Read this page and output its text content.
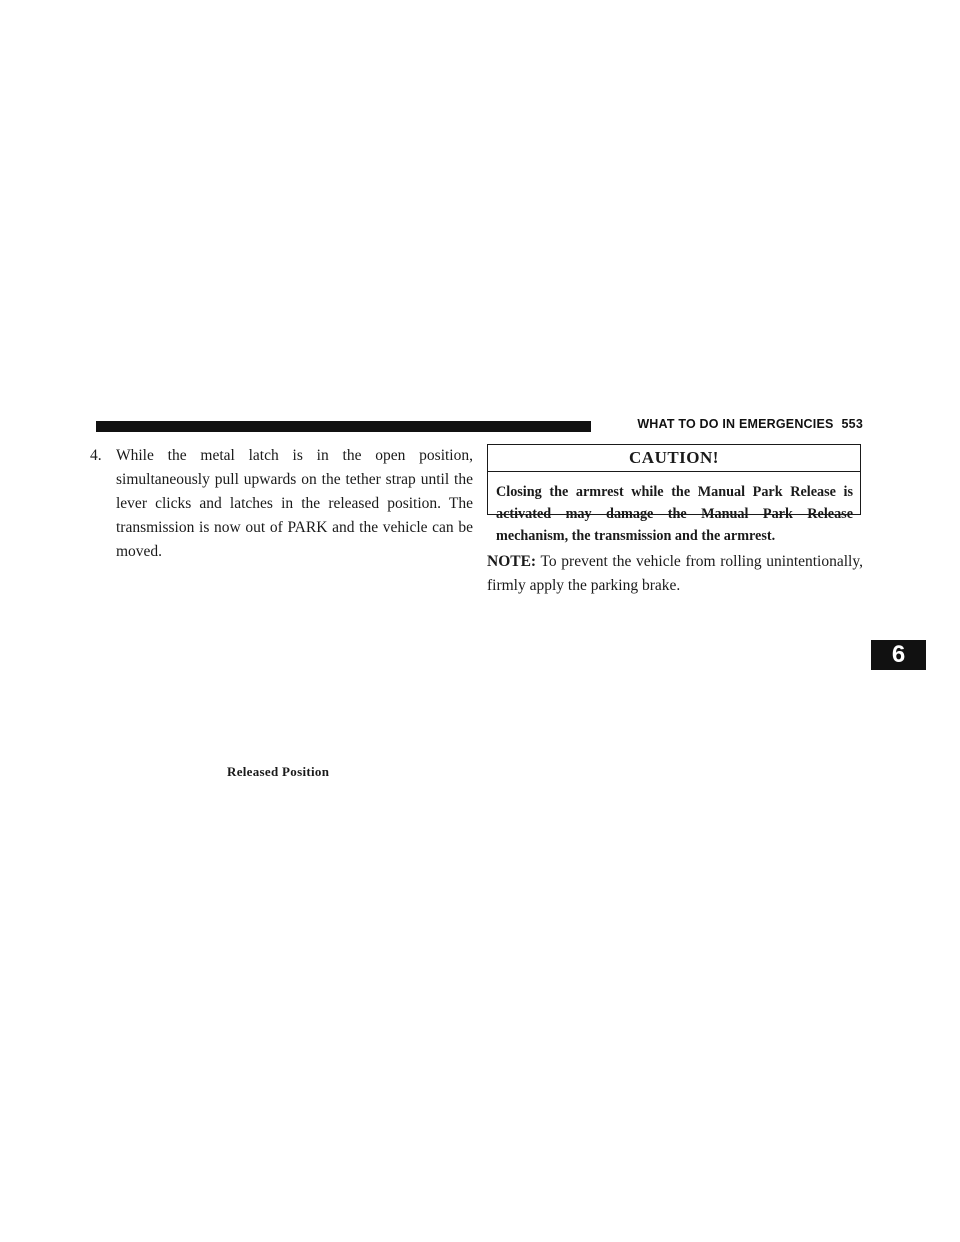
WHAT TO DO IN EMERGENCIES 553
4. While the metal latch is in the open position, simultaneously pull upwards on the tether strap until the lever clicks and latches in the released position. The transmission is now out of PARK and the vehicle can be moved.
CAUTION!
Closing the armrest while the Manual Park Release is activated may damage the Manual Park Release mechanism, the transmission and the armrest.

NOTE: To prevent the vehicle from rolling unintentionally, firmly apply the parking brake.

Released Position
6
